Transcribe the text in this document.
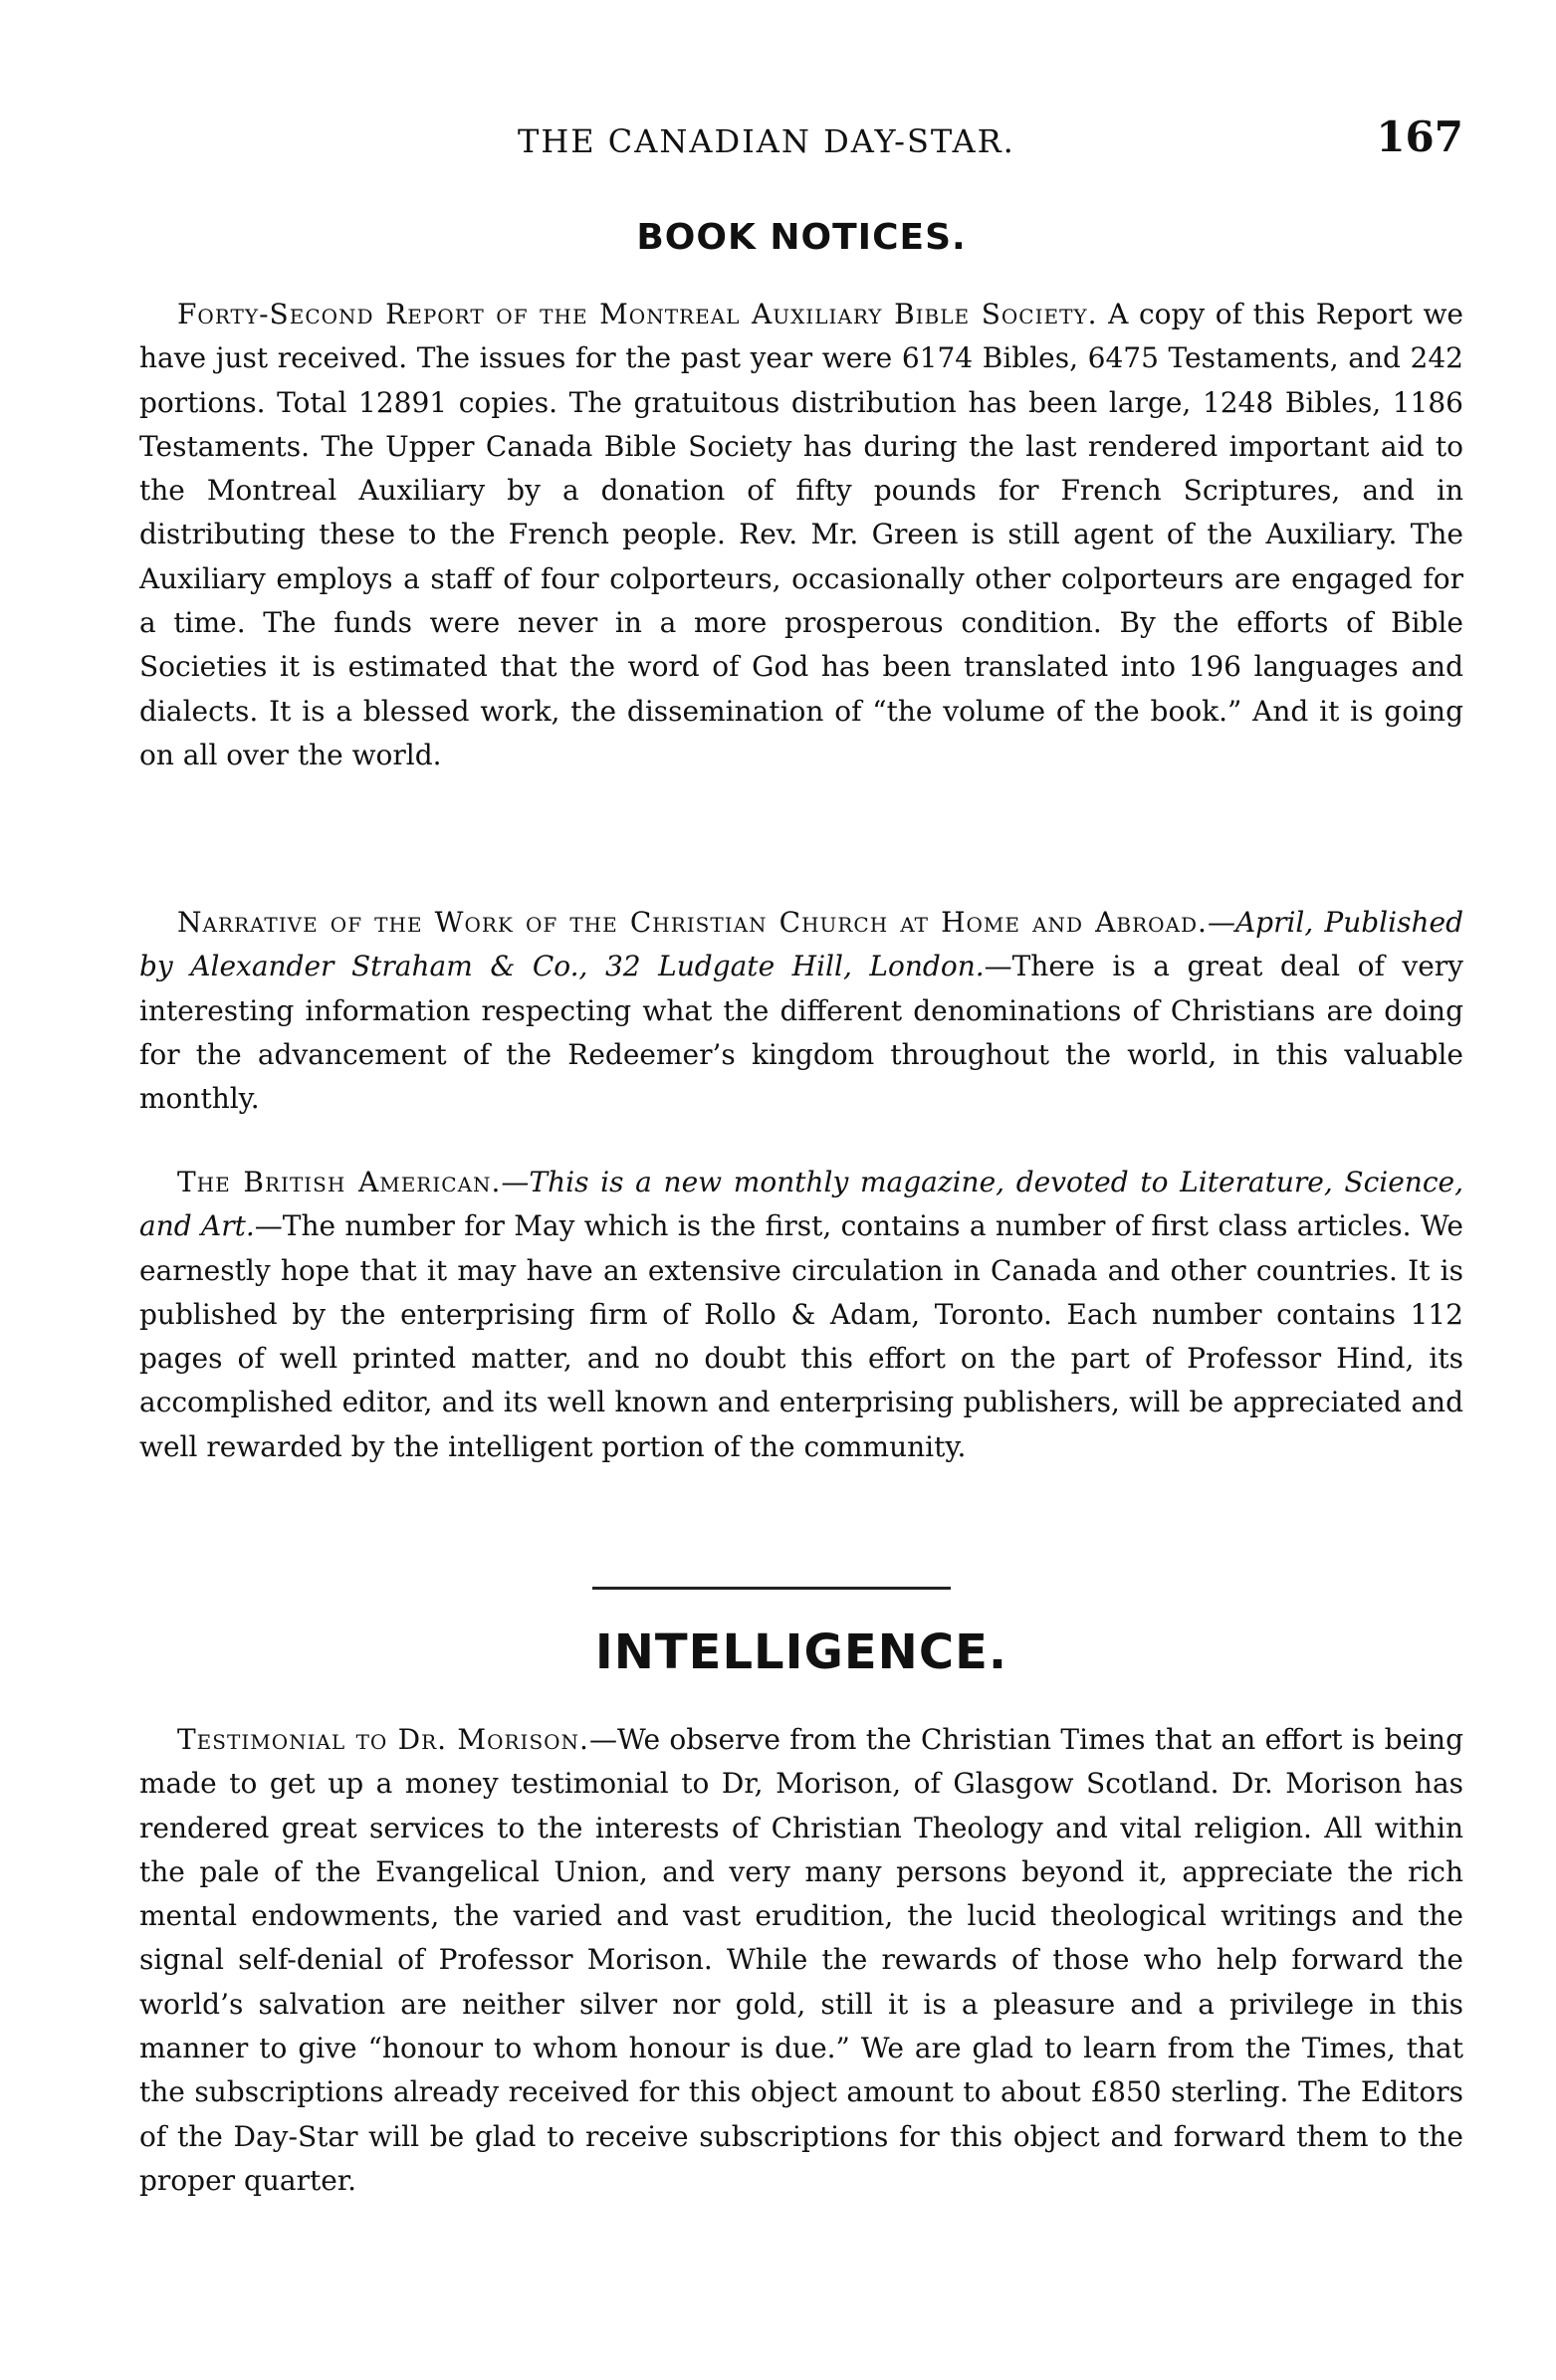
THE CANADIAN DAY-STAR.	167
BOOK NOTICES.

Forty-Second Report of the Montreal Auxiliary Bible Society. A copy of this Report we have just received. The issues for the past year were 6174 Bibles, 6475 Testaments, and 242 portions. Total 12891 copies. The gratuitous distribution has been large, 1248 Bibles, 1186 Testaments. The Upper Canada Bible Society has during the last rendered important aid to the Montreal Auxiliary by a donation of fifty pounds for French Scriptures, and in distributing these to the French people. Rev. Mr. Green is still agent of the Auxiliary. The Auxiliary employs a staff of four colporteurs, occasionally other colporteurs are engaged for a time. The funds were never in a more prosperous condition. By the efforts of Bible Societies it is estimated that the word of God has been translated into 196 languages and dialects. It is a blessed work, the dissemination of “the volume of the book.” And it is going on all over the world.

Narrative of the Work of the Christian Church at Home and Abroad.—April, Published by Alexander Straham & Co., 32 Ludgate Hill, London.—There is a great deal of very interesting information respecting what the different denominations of Christians are doing for the advancement of the Redeemer’s kingdom throughout the world, in this valuable monthly.

The British American.—This is a new monthly magazine, devoted to Literature, Science, and Art.—The number for May which is the first, contains a number of first class articles. We earnestly hope that it may have an extensive circulation in Canada and other countries. It is published by the enterprising firm of Rollo & Adam, Toronto. Each number contains 112 pages of well printed matter, and no doubt this effort on the part of Professor Hind, its accomplished editor, and its well known and enterprising publishers, will be appreciated and well rewarded by the intelligent portion of the community.

INTELLIGENCE.

Testimonial to Dr. Morison.—We observe from the Christian Times that an effort is being made to get up a money testimonial to Dr, Morison, of Glasgow Scotland. Dr. Morison has rendered great services to the interests of Christian Theology and vital religion. All within the pale of the Evangelical Union, and very many persons beyond it, appreciate the rich mental endowments, the varied and vast erudition, the lucid theological writings and the signal self-denial of Professor Morison. While the rewards of those who help forward the world’s salvation are neither silver nor gold, still it is a pleasure and a privilege in this manner to give “honour to whom honour is due.” We are glad to learn from the Times, that the subscriptions already received for this object amount to about £850 sterling. The Editors of the Day-Star will be glad to receive subscriptions for this object and forward them to the proper quarter.
